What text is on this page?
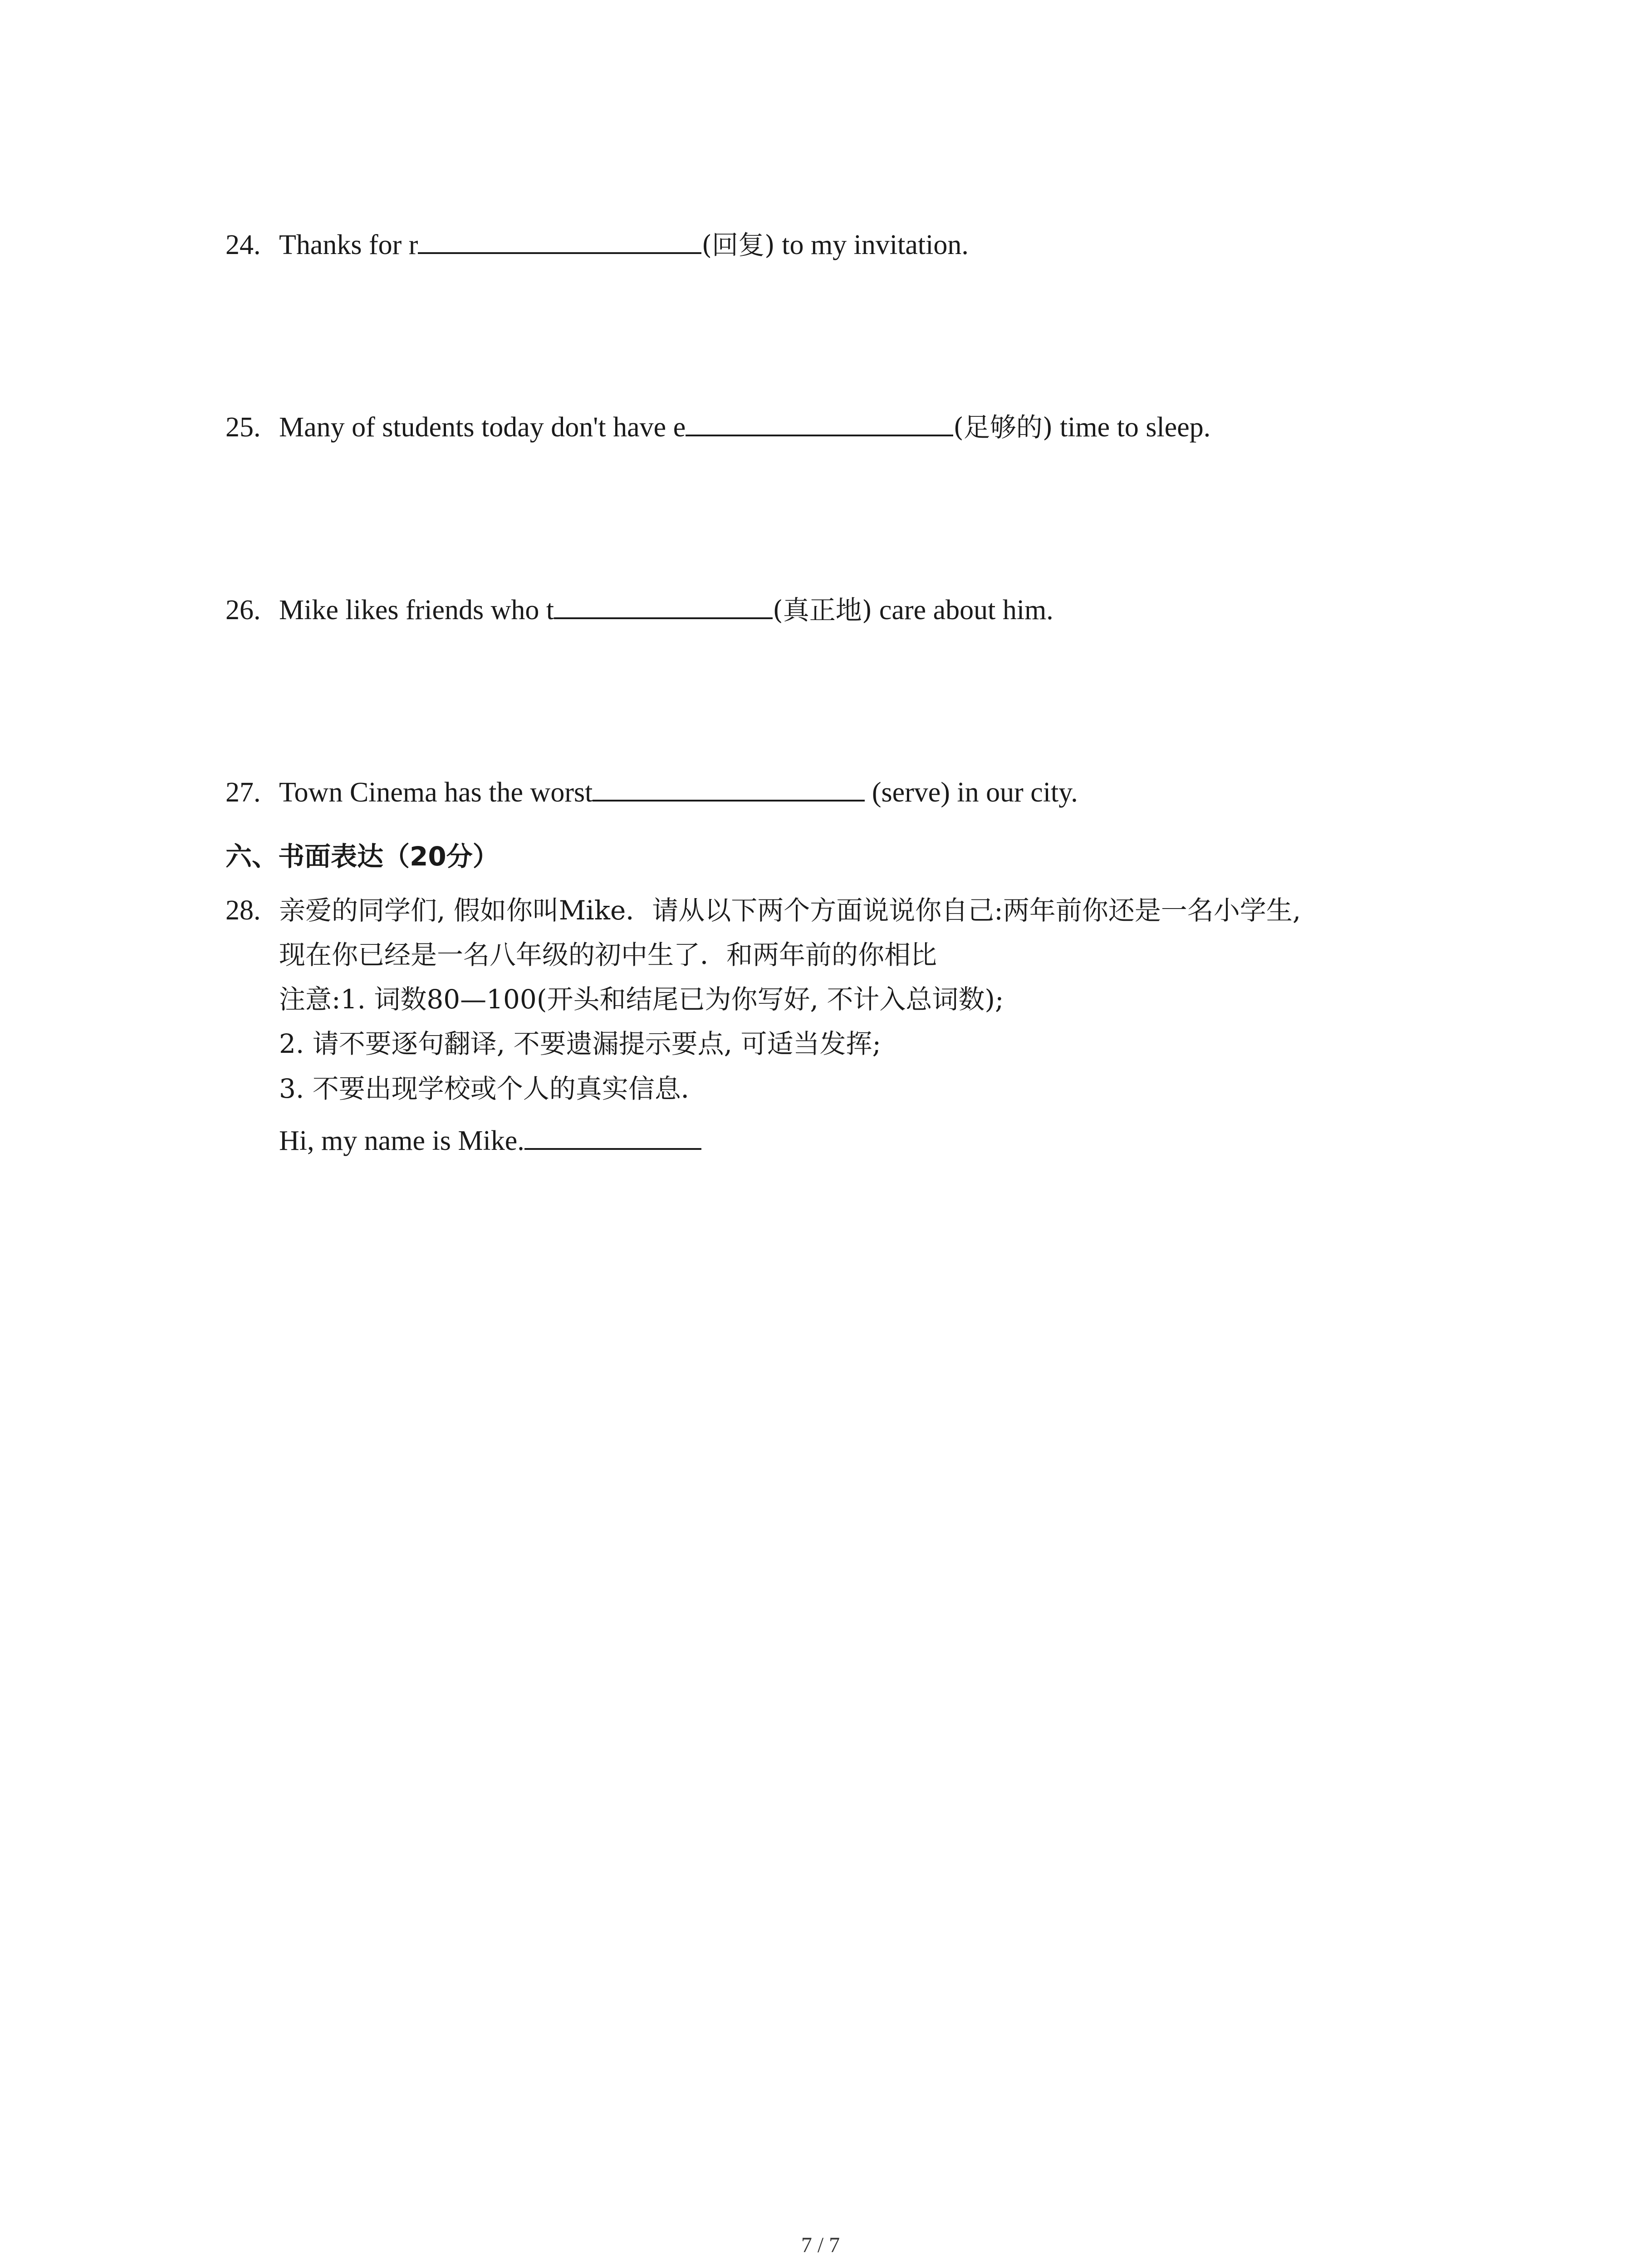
24. Thanks for r	(回复) to my invitation.
25. Many of students today don't have e	(足够的) time to sleep.
26. Mike likes friends who t	(真正地) care about him.
27. Town Cinema has the worst	(serve) in our city.
六、书面表达（20分）
28. 亲爱的同学们, 假如你叫Mike．请从以下两个方面说说你自己:两年前你还是一名小学生,
现在你已经是一名八年级的初中生了．和两年前的你相比
注意:1. 词数80—100(开头和结尾已为你写好, 不计入总词数);
2. 请不要逐句翻译, 不要遗漏提示要点, 可适当发挥;
3. 不要出现学校或个人的真实信息．
Hi, my name is Mike.
7 / 7
